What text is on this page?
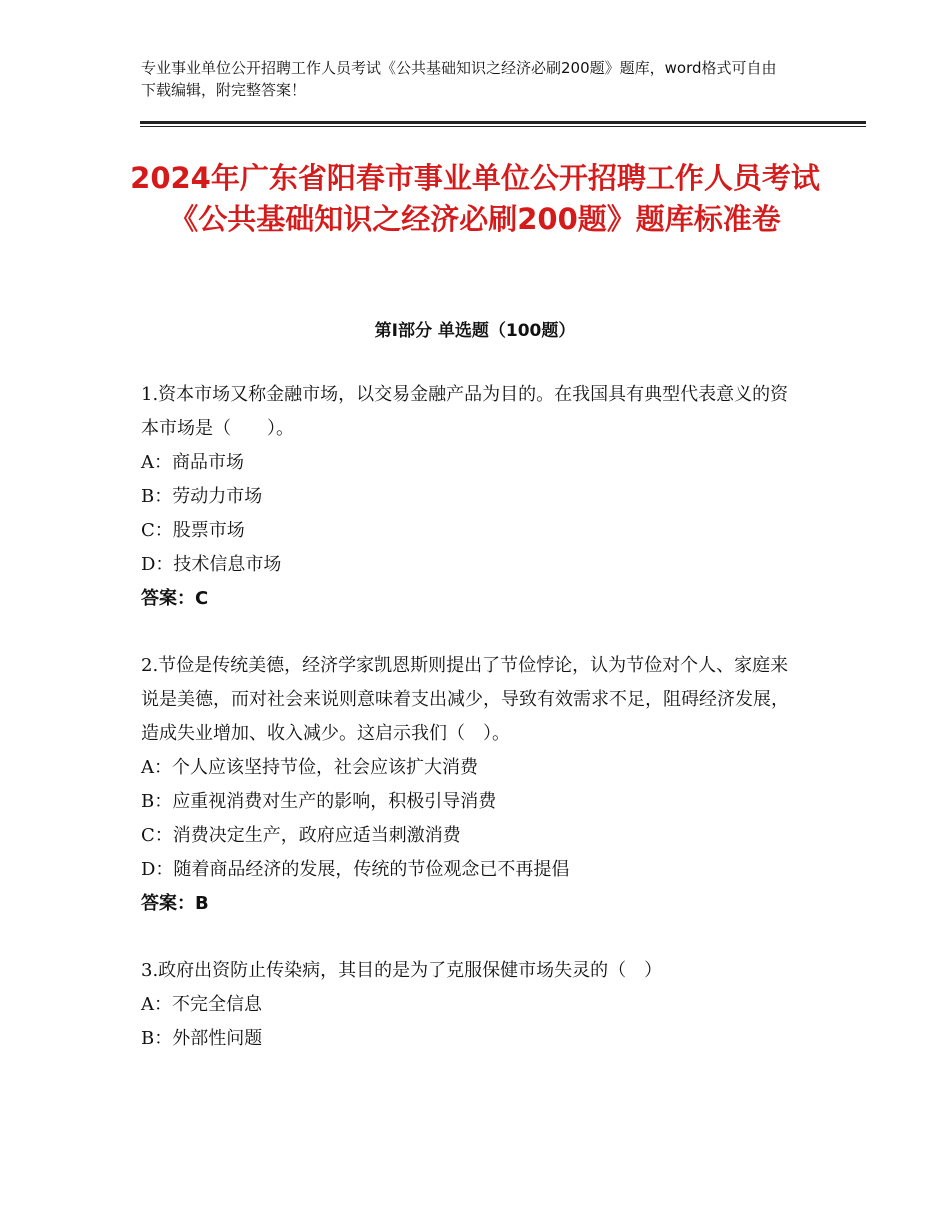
专业事业单位公开招聘工作人员考试《公共基础知识之经济必刷200题》题库，word格式可自由下载编辑，附完整答案！
2024年广东省阳春市事业单位公开招聘工作人员考试《公共基础知识之经济必刷200题》题库标准卷
第Ⅰ部分 单选题（100题）
1.资本市场又称金融市场，以交易金融产品为目的。在我国具有典型代表意义的资本市场是（　　）。
A：商品市场
B：劳动力市场
C：股票市场
D：技术信息市场
答案：C
2.节俭是传统美德，经济学家凯恩斯则提出了节俭悖论，认为节俭对个人、家庭来说是美德，而对社会来说则意味着支出减少，导致有效需求不足，阻碍经济发展，造成失业增加、收入减少。这启示我们（　）。
A：个人应该坚持节俭，社会应该扩大消费
B：应重视消费对生产的影响，积极引导消费
C：消费决定生产，政府应适当刺激消费
D：随着商品经济的发展，传统的节俭观念已不再提倡
答案：B
3.政府出资防止传染病，其目的是为了克服保健市场失灵的（　）
A：不完全信息
B：外部性问题
